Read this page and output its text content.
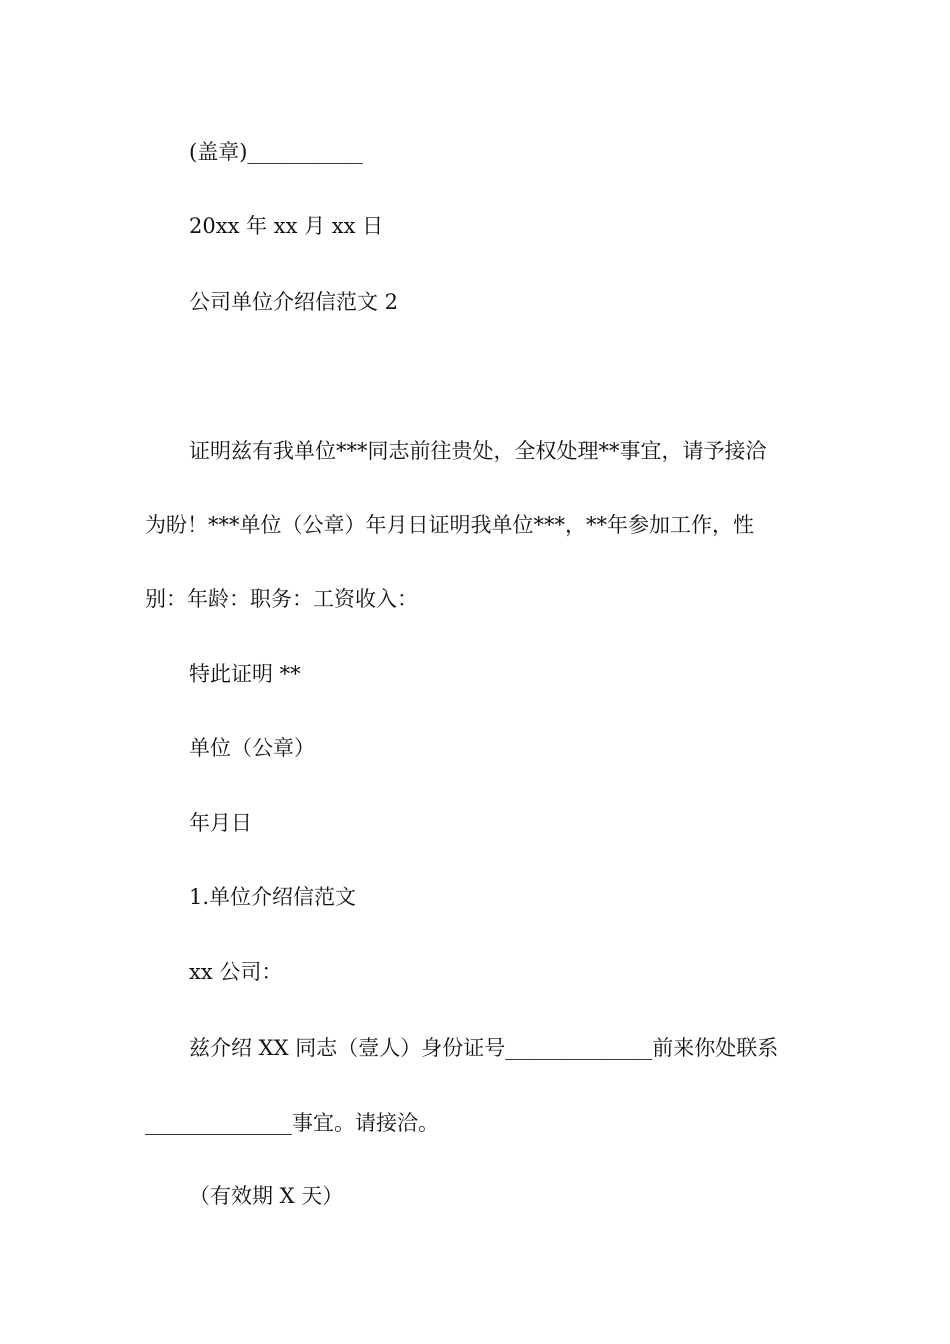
(盖章)___________
20xx 年 xx 月 xx 日
公司单位介绍信范文 2
证明兹有我单位***同志前往贵处，全权处理**事宜，请予接洽
为盼！***单位（公章）年月日证明我单位***，**年参加工作，性
别：年龄：职务：工资收入：
特此证明 **
单位（公章）
年月日
1.单位介绍信范文
xx 公司：
兹介绍 XX 同志（壹人）身份证号______________前来你处联系
______________事宜。请接洽。
（有效期 X 天）
